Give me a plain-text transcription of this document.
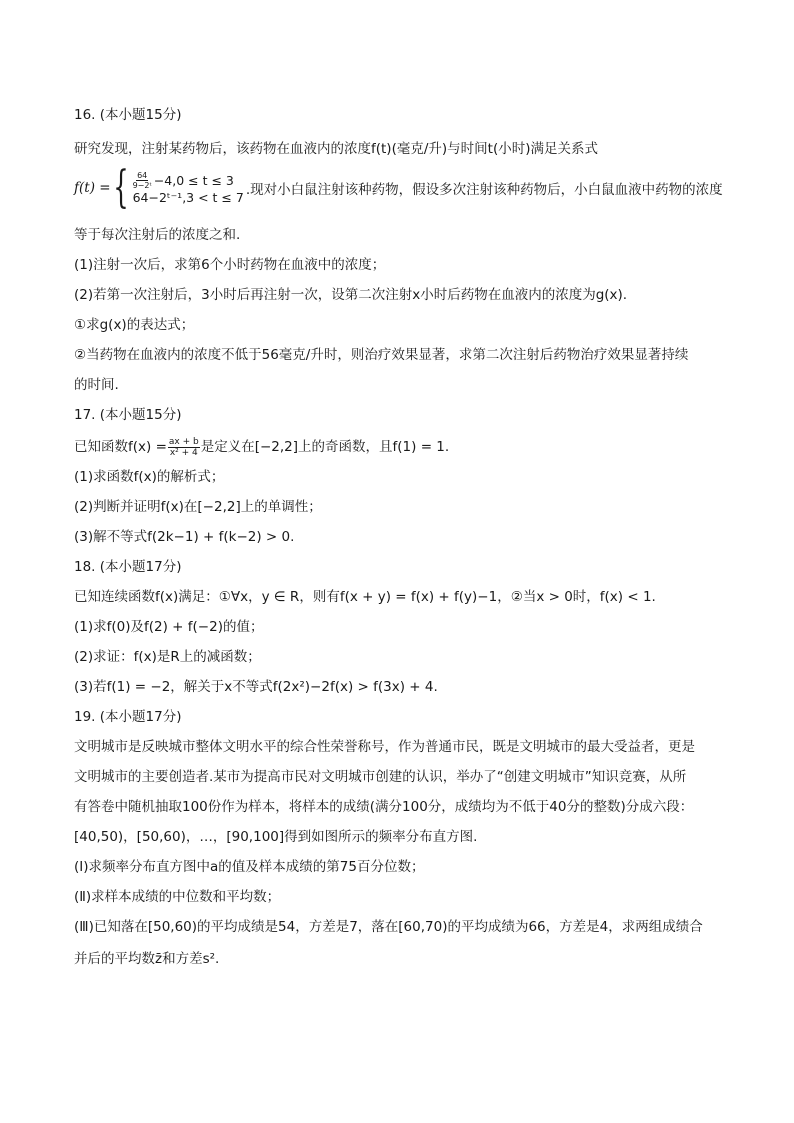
16. (本小题15分)
研究发现，注射某药物后，该药物在血液内的浓度f(t)(毫克/升)与时间t(小时)满足关系式
f(t) = { $\frac{64}{\text{9−2ᵗ}} -4,0 \le t \le 3$
64−2ᵗ⁻¹,3 < t ≤ 7 .现对小白鼠注射该种药物，假设多次注射该种药物后，小白鼠血液中药物的浓度
等于每次注射后的浓度之和.
(1)注射一次后，求第6个小时药物在血液中的浓度；
(2)若第一次注射后，3小时后再注射一次，设第二次注射x小时后药物在血液内的浓度为g(x).
①求g(x)的表达式；
②当药物在血液内的浓度不低于56毫克/升时，则治疗效果显著，求第二次注射后药物治疗效果显著持续
的时间.
17. (本小题15分)
已知函数$f(x) = \frac{ax + b}{\text{x² + 4}}$ 是定义在[−2,2]上的奇函数，且f(1) = 1.
(1)求函数f(x)的解析式；
(2)判断并证明f(x)在[−2,2]上的单调性；
(3)解不等式f(2k−1) + f(k−2) > 0.
18. (本小题17分)
已知连续函数f(x)满足：①∀x，y ∈ R，则有f(x + y) = f(x) + f(y)−1，②当x > 0时，f(x) < 1.
(1)求f(0)及f(2) + f(−2)的值；
(2)求证：f(x)是R上的减函数；
(3)若f(1) = −2，解关于x不等式f(2x²)−2f(x) > f(3x) + 4.
19. (本小题17分)
文明城市是反映城市整体文明水平的综合性荣誉称号，作为普通市民，既是文明城市的最大受益者，更是
文明城市的主要创造者.某市为提高市民对文明城市创建的认识，举办了“创建文明城市”知识竞赛，从所
有答卷中随机抽取100份作为样本，将样本的成绩(满分100分，成绩均为不低于40分的整数)分成六段：
[40,50)，[50,60)，…，[90,100]得到如图所示的频率分布直方图.
(Ⅰ)求频率分布直方图中a的值及样本成绩的第75百分位数；
(Ⅱ)求样本成绩的中位数和平均数；
(Ⅲ)已知落在[50,60)的平均成绩是54，方差是7，落在[60,70)的平均成绩为66，方差是4，求两组成绩合
并后的平均数z̄和方差s².
